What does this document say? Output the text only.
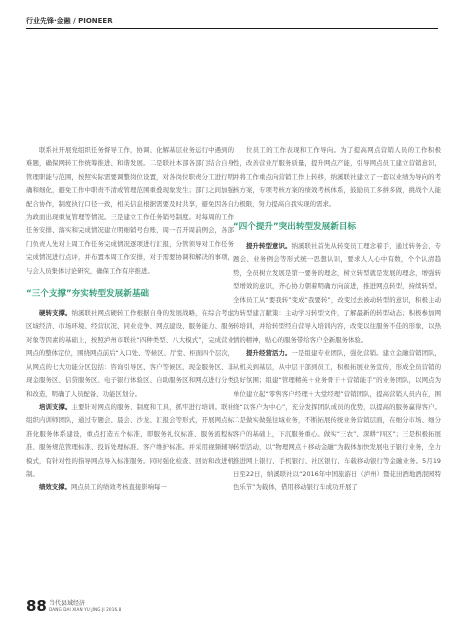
行业先锋·金融 / PIONEER

联系社开展党组织任务督导工作，协调、化解基层业务运行中遇到的难题，确保网转工作统筹推进、和谐发展。二是联社本部各部门结合自身管理职能与范围，按照实际需要调整岗位设置，对各岗位职责分工进行明确和细化，避免工作中职责不清或管理范围重叠现象发生；部门之间加强配合协作，制度执行口径一致，相关信息根据需要及时共享，避免因各自为政而出现重复管理等情况。三是建立工作任务销号制度。对每周的工作任务安排、落实和完成情况建立明细销号台账，周一召开周前例会，各部门负责人先对上周工作任务完成情况逐项进行汇报，分管领导对工作任务完成情况进行点评，并布置本周工作安排，对于需要协调和解决的事项，与会人员集体讨论研究，确保工作有序推进。

“三个支撑”夯实转型发展新基础

硬转支撑。纳溪联社网点硬转工作根据自身的发展战略，在综合考虑区域经济、市场环境、经营状况、同业竞争、网点建设、服务能力、服务对象等因素的基础上，按照泸州市联社“四种类型、八大模式”，完成营业网点的整体定位，围绕网点前后“入口处、等候区、厅堂、柜面四个层次，从网点的七大功能分区包括：咨询引导区、客户等候区、现金服务区、非现金服务区、信贷服务区、电子银行体验区、自助服务区和网点进行分类和改造，明确了人员配备、功能区划分。

培训支撑。主要针对网点的服务、制度和工具，抓牢进行培训。联社组织内训师团队，通过专题会、晨会、沙龙、汇报会等形式，开展网点标准化服务体系建设，重点打造五个标准，即服务礼仪标准、服务流程标准、服务规范管理标准、投诉处理标准、客户维护标准。并采用视频辅导模式，有针对性的指导网点导入标准服务。同时强化检查、回访和改进机制。

绩效支撑。网点员工的绩效考核直接影响每一

位员工的工作表现和工作导向。为了提高网点营销人员的工作积极性，改善营业厅服务质量，提升网点产能，引导网点员工建立营销意识，并将工作重点向营销工作上转移，纳溪联社建立了一套以业绩为导向的考核方案，专项考核方案的绩效考核体系，鼓励员工多拼多做，挑战个人能力极限，努力提高自我实现的需求。

“四个提升”突出转型发展新目标

提升转型意识。纳溪联社首先从转变员工理念着手，通过转务会、专题会、业务例会等形式统一思想认识，要求人人心中有数，个个认清趋势，全员树立发展是第一要务的理念，树立转型就是发展的理念，增强转型增效的意识，齐心协力朝着明确方向前进，推进网点转型，持续转型。全体员工从“要我转”变成“我要转”，改变过去被动转型的意识，积极主动为转型建言献策：主动学习转型文件，了解最新的转型动态；积极参加网转培训，并给转型经自营导入培训内容，改变以往服务不佳的形象，以热情的精神，贴心的服务带给客户全新服务体验。

提升经营活力。一是组建专业团队，强化营销。建立金融营销团队，从机关到基层，从中层干部到员工，积极拓展业务宣传，形成全员营销的良好氛围；组建“管理精英＋业务骨干＋营销能手”的业务团队，以网点为单位建立起“零售客户经理＋大堂经理”营销团队，提高营销人员内在，围绕“以客户为中心”，充分发挥团队成员的优势，以提高的服务赢得客户。二是做实做强往域业务，不断拓展传统业务营销层面，在细分市场、细分客户的基础上，下沉服务重心。做实“三农”、深耕“四区”；三是积极拓展转型活动，以“物理网点＋移动金融”为载体加快发展电子银行业务，全力推进网上银行、手机银行、社区银行、车载移动银行等金融业务。5月19日至22日，纳溪联社以“2016年中国旅游日（泸州）暨花田酒地酒泯园特色乐节”为载体，借用移动银行车成功开展了

88 当代县域经济
DANG DAI XIAN YU JING JI 2016.8
